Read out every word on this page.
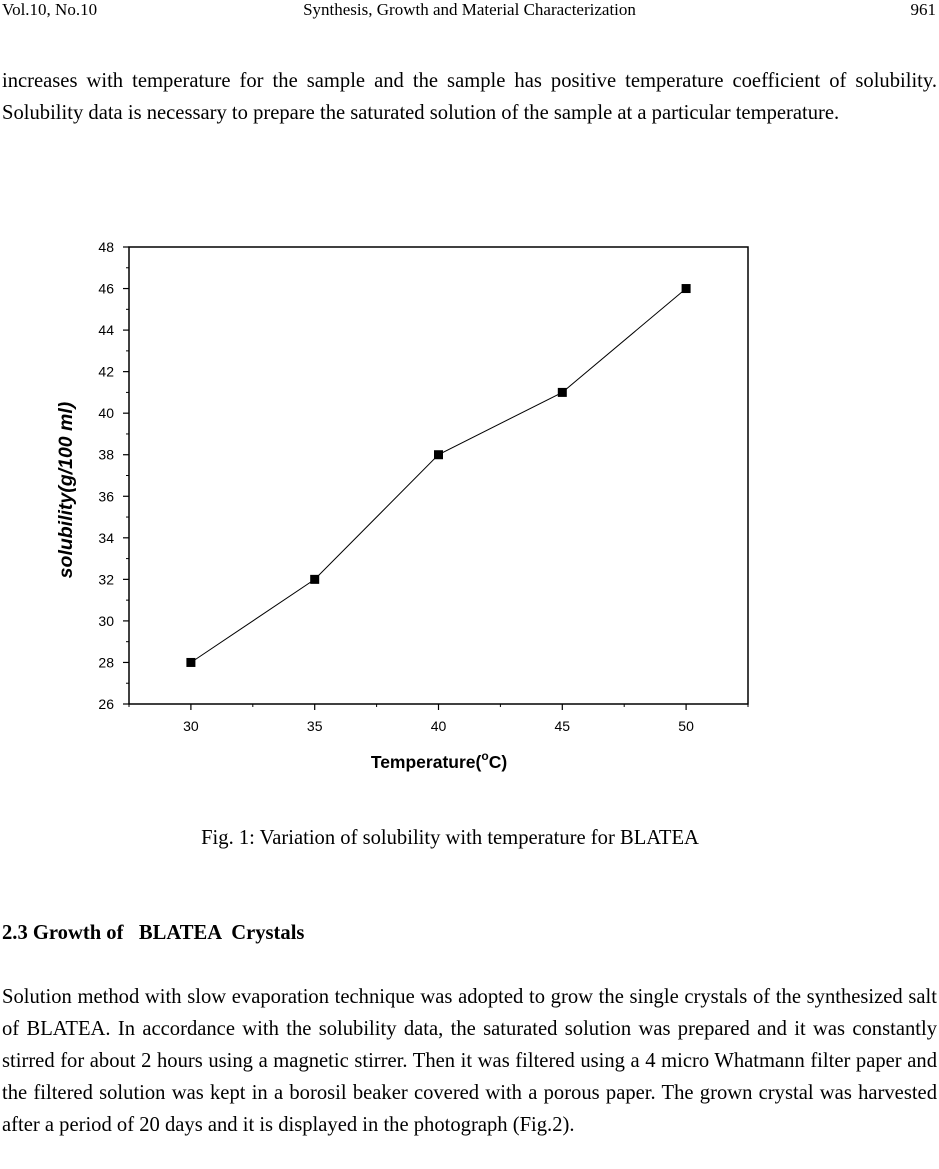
Vol.10, No.10	Synthesis, Growth and Material Characterization	961

increases with temperature for the sample and the sample has positive temperature coefficient of solubility. Solubility data is necessary to prepare the saturated solution of the sample at a particular temperature.

26
28
30
32
34
36
38
40
42
44
46
48
30	35	40	45	50
Temperature($^o$C)
solubility(g/100 ml)
Fig. 1: Variation of solubility with temperature for BLATEA
2.3 Growth of   BLATEA  Crystals

Solution method with slow evaporation technique was adopted to grow the single crystals of the synthesized salt of BLATEA. In accordance with the solubility data, the saturated solution was prepared and it was constantly stirred for about 2 hours using a magnetic stirrer. Then it was filtered using a 4 micro Whatmann filter paper and the filtered solution was kept in a borosil beaker covered with a porous paper. The grown crystal was harvested after a period of 20 days and it is displayed in the photograph (Fig.2).
